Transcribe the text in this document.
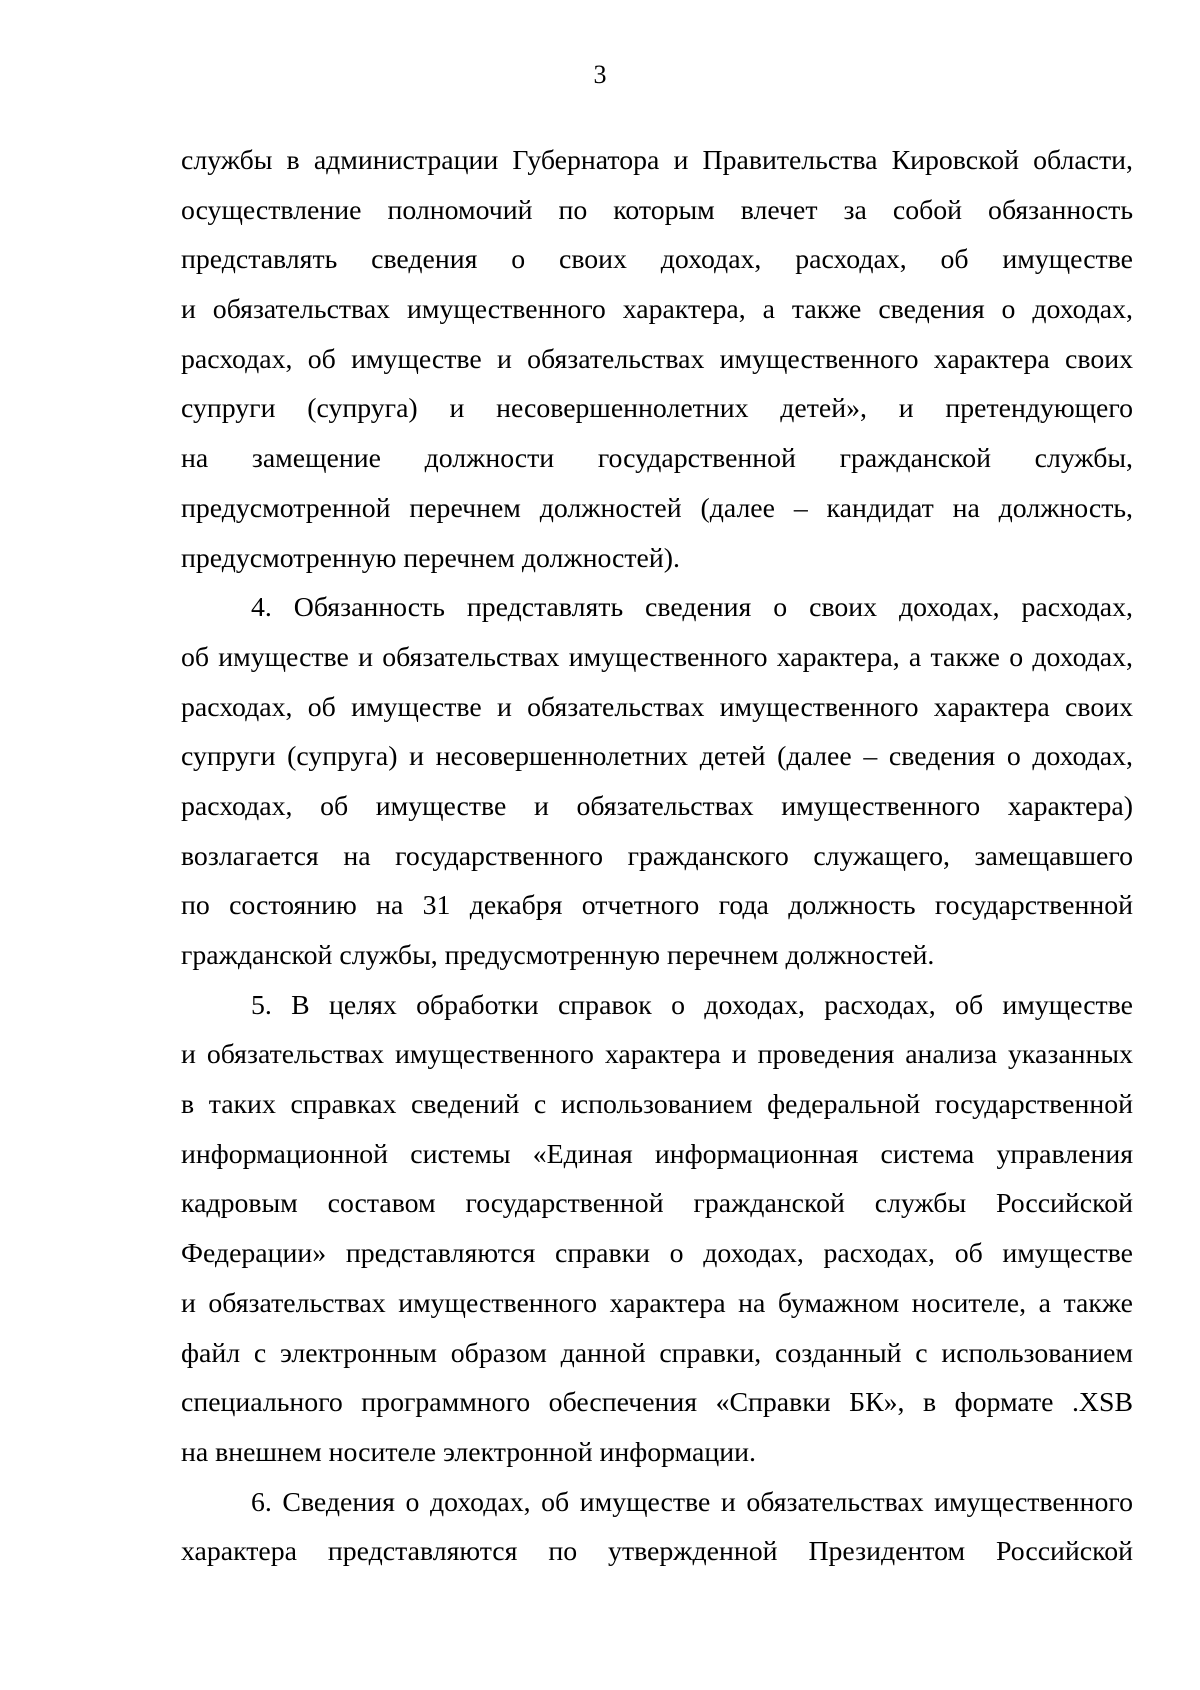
3
службы в администрации Губернатора и Правительства Кировской области,
осуществление полномочий по которым влечет за собой обязанность
представлять сведения о своих доходах, расходах, об имуществе
и обязательствах имущественного характера, а также сведения о доходах,
расходах, об имуществе и обязательствах имущественного характера своих
супруги (супруга) и несовершеннолетних детей», и претендующего
на замещение должности государственной гражданской службы,
предусмотренной перечнем должностей (далее – кандидат на должность,
предусмотренную перечнем должностей).
4. Обязанность представлять сведения о своих доходах, расходах,
об имуществе и обязательствах имущественного характера, а также о доходах,
расходах, об имуществе и обязательствах имущественного характера своих
супруги (супруга) и несовершеннолетних детей (далее – сведения о доходах,
расходах, об имуществе и обязательствах имущественного характера)
возлагается на государственного гражданского служащего, замещавшего
по состоянию на 31 декабря отчетного года должность государственной
гражданской службы, предусмотренную перечнем должностей.
5. В целях обработки справок о доходах, расходах, об имуществе
и обязательствах имущественного характера и проведения анализа указанных
в таких справках сведений с использованием федеральной государственной
информационной системы «Единая информационная система управления
кадровым составом государственной гражданской службы Российской
Федерации» представляются справки о доходах, расходах, об имуществе
и обязательствах имущественного характера на бумажном носителе, а также
файл с электронным образом данной справки, созданный с использованием
специального программного обеспечения «Справки БК», в формате .XSB
на внешнем носителе электронной информации.
6. Сведения о доходах, об имуществе и обязательствах имущественного
характера представляются по утвержденной Президентом Российской
